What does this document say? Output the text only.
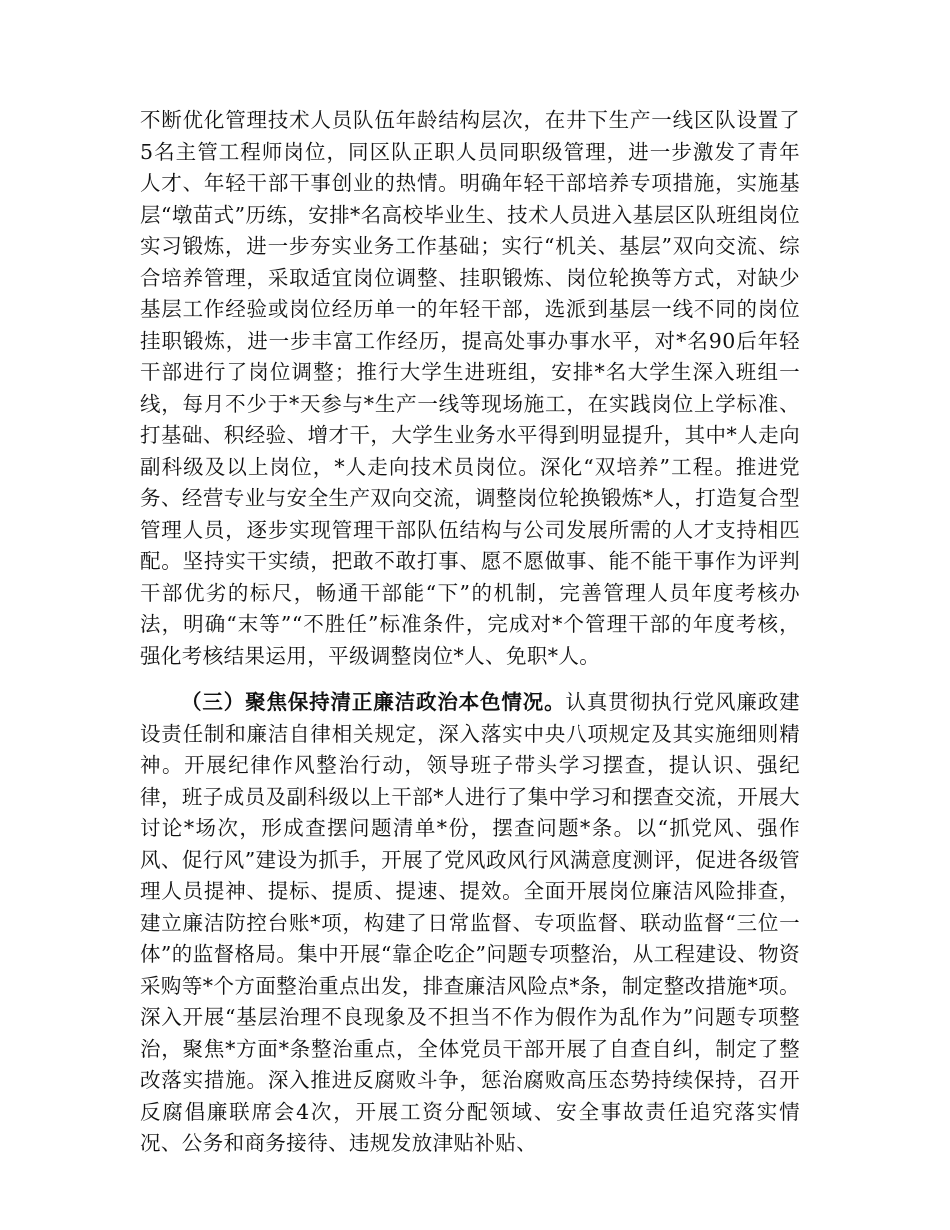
不断优化管理技术人员队伍年龄结构层次，在井下生产一线区队设置了5名主管工程师岗位，同区队正职人员同职级管理，进一步激发了青年人才、年轻干部干事创业的热情。明确年轻干部培养专项措施，实施基层“墩苗式”历练，安排*名高校毕业生、技术人员进入基层区队班组岗位实习锻炼，进一步夯实业务工作基础；实行“机关、基层”双向交流、综合培养管理，采取适宜岗位调整、挂职锻炼、岗位轮换等方式，对缺少基层工作经验或岗位经历单一的年轻干部，选派到基层一线不同的岗位挂职锻炼，进一步丰富工作经历，提高处事办事水平，对*名90后年轻干部进行了岗位调整；推行大学生进班组，安排*名大学生深入班组一线，每月不少于*天参与*生产一线等现场施工，在实践岗位上学标准、打基础、积经验、增才干，大学生业务水平得到明显提升，其中*人走向副科级及以上岗位，*人走向技术员岗位。深化“双培养”工程。推进党务、经营专业与安全生产双向交流，调整岗位轮换锻炼*人，打造复合型管理人员，逐步实现管理干部队伍结构与公司发展所需的人才支持相匹配。坚持实干实绩，把敢不敢打事、愿不愿做事、能不能干事作为评判干部优劣的标尺，畅通干部能“下”的机制，完善管理人员年度考核办法，明确“末等”“不胜任”标准条件，完成对*个管理干部的年度考核，强化考核结果运用，平级调整岗位*人、免职*人。

（三）聚焦保持清正廉洁政治本色情况。认真贯彻执行党风廉政建设责任制和廉洁自律相关规定，深入落实中央八项规定及其实施细则精神。开展纪律作风整治行动，领导班子带头学习摆查，提认识、强纪律，班子成员及副科级以上干部*人进行了集中学习和摆查交流，开展大讨论*场次，形成查摆问题清单*份，摆查问题*条。以“抓党风、强作风、促行风”建设为抓手，开展了党风政风行风满意度测评，促进各级管理人员提神、提标、提质、提速、提效。全面开展岗位廉洁风险排查，建立廉洁防控台账*项，构建了日常监督、专项监督、联动监督“三位一体”的监督格局。集中开展“靠企吃企”问题专项整治，从工程建设、物资采购等*个方面整治重点出发，排查廉洁风险点*条，制定整改措施*项。深入开展“基层治理不良现象及不担当不作为假作为乱作为”问题专项整治，聚焦*方面*条整治重点，全体党员干部开展了自查自纠，制定了整改落实措施。深入推进反腐败斗争，惩治腐败高压态势持续保持，召开反腐倡廉联席会4次，开展工资分配领域、安全事故责任追究落实情况、公务和商务接待、违规发放津贴补贴、
